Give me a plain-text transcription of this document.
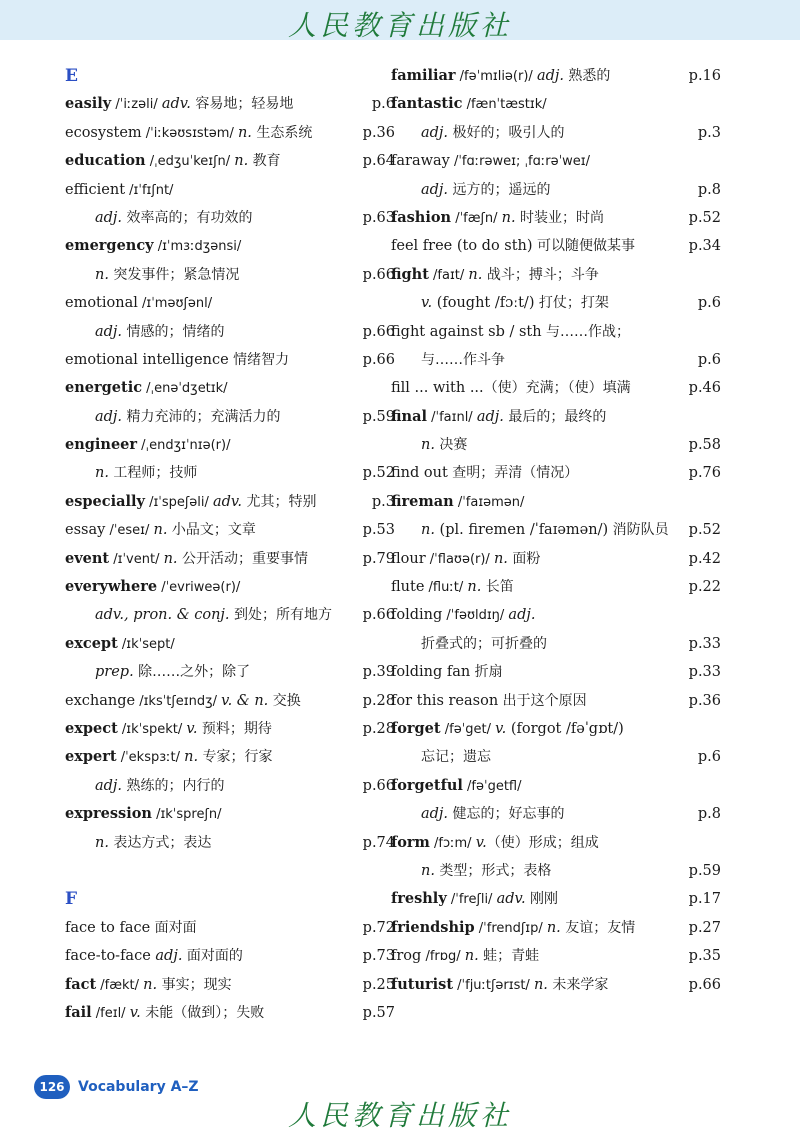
人民教育出版社
E
easily /ˈiːzəli/ adv. 容易地；轻易地	p.6
ecosystem /ˈiːkəʊsɪstəm/ n. 生态系统	p.36
education /ˌedʒuˈkeɪʃn/ n. 教育	p.64
efficient /ɪˈfɪʃnt/
adj. 效率高的；有功效的	p.63
emergency /ɪˈmɜːdʒənsi/
n. 突发事件；紧急情况	p.66
emotional /ɪˈməʊʃənl/
adj. 情感的；情绪的	p.66
emotional intelligence 情绪智力	p.66
energetic /ˌenəˈdʒetɪk/
adj. 精力充沛的；充满活力的	p.59
engineer /ˌendʒɪˈnɪə(r)/
n. 工程师；技师	p.52
especially /ɪˈspeʃəli/ adv. 尤其；特别	p.3
essay /ˈeseɪ/ n. 小品文；文章	p.53
event /ɪˈvent/ n. 公开活动；重要事情	p.79
everywhere /ˈevriweə(r)/
adv., pron. & conj. 到处；所有地方 p.66
except /ɪkˈsept/
prep. 除……之外；除了	p.39
exchange /ɪksˈtʃeɪndʒ/ v. & n. 交换	p.28
expect /ɪkˈspekt/ v. 预料；期待	p.28
expert /ˈekspɜːt/ n. 专家；行家
adj. 熟练的；内行的	p.66
expression /ɪkˈspreʃn/
n. 表达方式；表达	p.74
F
face to face 面对面	p.72
face-to-face adj. 面对面的	p.73
fact /fækt/ n. 事实；现实	p.25
fail /feɪl/ v. 未能（做到）；失败	p.57
familiar /fəˈmɪliə(r)/ adj. 熟悉的	p.16
fantastic /fænˈtæstɪk/
adj. 极好的；吸引人的	p.3
faraway /ˈfɑːrəweɪ; ˌfɑːrəˈweɪ/
adj. 远方的；遥远的	p.8
fashion /ˈfæʃn/ n. 时装业；时尚	p.52
feel free (to do sth) 可以随便做某事	p.34
fight /faɪt/ n. 战斗；搏斗；斗争
v. (fought /fɔːt/) 打仗；打架	p.6
fight against sb / sth 与……作战；
与……作斗争	p.6
fill ... with ...（使）充满；（使）填满	p.46
final /ˈfaɪnl/ adj. 最后的；最终的
n. 决赛	p.58
find out 查明；弄清（情况）	p.76
fireman /ˈfaɪəmən/
n. (pl. firemen /ˈfaɪəmən/) 消防队员 p.52
flour /ˈflaʊə(r)/ n. 面粉	p.42
flute /fluːt/ n. 长笛	p.22
folding /ˈfəʊldɪŋ/ adj.
折叠式的；可折叠的	p.33
folding fan 折扇	p.33
for this reason 出于这个原因	p.36
forget /fəˈget/ v. (forgot /fəˈgɒt/)
忘记；遗忘	p.6
forgetful /fəˈgetfl/
adj. 健忘的；好忘事的	p.8
form /fɔːm/ v.（使）形成；组成
n. 类型；形式；表格	p.59
freshly /ˈfreʃli/ adv. 刚刚	p.17
friendship /ˈfrendʃɪp/ n. 友谊；友情	p.27
frog /frɒg/ n. 蛙；青蛙	p.35
futurist /ˈfjuːtʃərɪst/ n. 未来学家	p.66
126 Vocabulary A–Z
人民教育出版社
